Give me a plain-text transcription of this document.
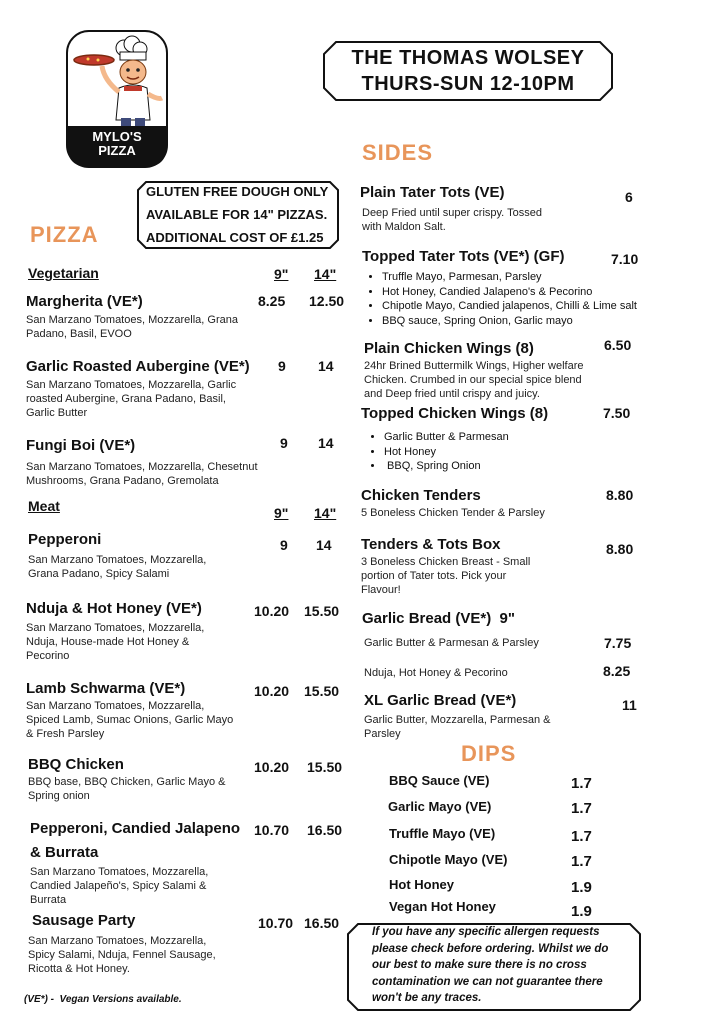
MYLO'S
PIZZA
THE THOMAS WOLSEY
THURS-SUN 12-10PM
GLUTEN FREE DOUGH ONLY
AVAILABLE FOR 14" PIZZAS.
ADDITIONAL COST OF £1.25
PIZZA
Vegetarian	9" 14"
Margherita (VE*)	8.25 12.50
San Marzano Tomatoes, Mozzarella, Grana Padano, Basil, EVOO
Garlic Roasted Aubergine (VE*) 9 14
San Marzano Tomatoes, Mozzarella, Garlic roasted Aubergine, Grana Padano, Basil, Garlic Butter
Fungi Boi (VE*)	9 14
San Marzano Tomatoes, Mozzarella, Chesetnut Mushrooms, Grana Padano, Gremolata
Meat	9" 14"
Pepperoni	9 14
San Marzano Tomatoes, Mozzarella, Grana Padano, Spicy Salami
Nduja & Hot Honey (VE*)	10.20 15.50
San Marzano Tomatoes, Mozzarella, Nduja, House-made Hot Honey & Pecorino
Lamb Schwarma (VE*)	10.20 15.50
San Marzano Tomatoes, Mozzarella, Spiced Lamb, Sumac Onions, Garlic Mayo & Fresh Parsley
BBQ Chicken	10.20 15.50
BBQ base, BBQ Chicken, Garlic Mayo & Spring onion
Pepperoni, Candied Jalapeno
& Burrata
10.70 16.50
San Marzano Tomatoes, Mozzarella, Candied Jalapeño's, Spicy Salami & Burrata
Sausage Party	10.70 16.50
San Marzano Tomatoes, Mozzarella, Spicy Salami, Nduja, Fennel Sausage, Ricotta & Hot Honey.
(VE*) -  Vegan Versions available.
SIDES
Plain Tater Tots (VE)	6
Deep Fried until super crispy. Tossed with Maldon Salt.
Topped Tater Tots (VE*) (GF)	7.10
• Truffle Mayo, Parmesan, Parsley
• Hot Honey, Candied Jalapeno's & Pecorino
• Chipotle Mayo, Candied jalapenos, Chilli & Lime salt
• BBQ sauce, Spring Onion, Garlic mayo
Plain Chicken Wings (8)	6.50
24hr Brined Buttermilk Wings, Higher welfare Chicken. Crumbed in our special spice blend and Deep fried until crispy and juicy.
Topped Chicken Wings (8)	7.50
• Garlic Butter & Parmesan
• Hot Honey
•  BBQ, Spring Onion
Chicken Tenders	8.80
5 Boneless Chicken Tender & Parsley
Tenders & Tots Box	8.80
3 Boneless Chicken Breast - Small portion of Tater tots. Pick your Flavour!
Garlic Bread (VE*)  9"
Garlic Butter & Parmesan & Parsley	7.75
Nduja, Hot Honey & Pecorino	8.25
XL Garlic Bread (VE*)	11
Garlic Butter, Mozzarella, Parmesan & Parsley
DIPS
BBQ Sauce (VE)	1.7
Garlic Mayo (VE)	1.7
Truffle Mayo (VE)	1.7
Chipotle Mayo (VE)	1.7
Hot Honey	1.9
Vegan Hot Honey	1.9
If you have any specific allergen requests please check before ordering. Whilst we do our best to make sure there is no cross contamination we can not guarantee there won't be any traces.
